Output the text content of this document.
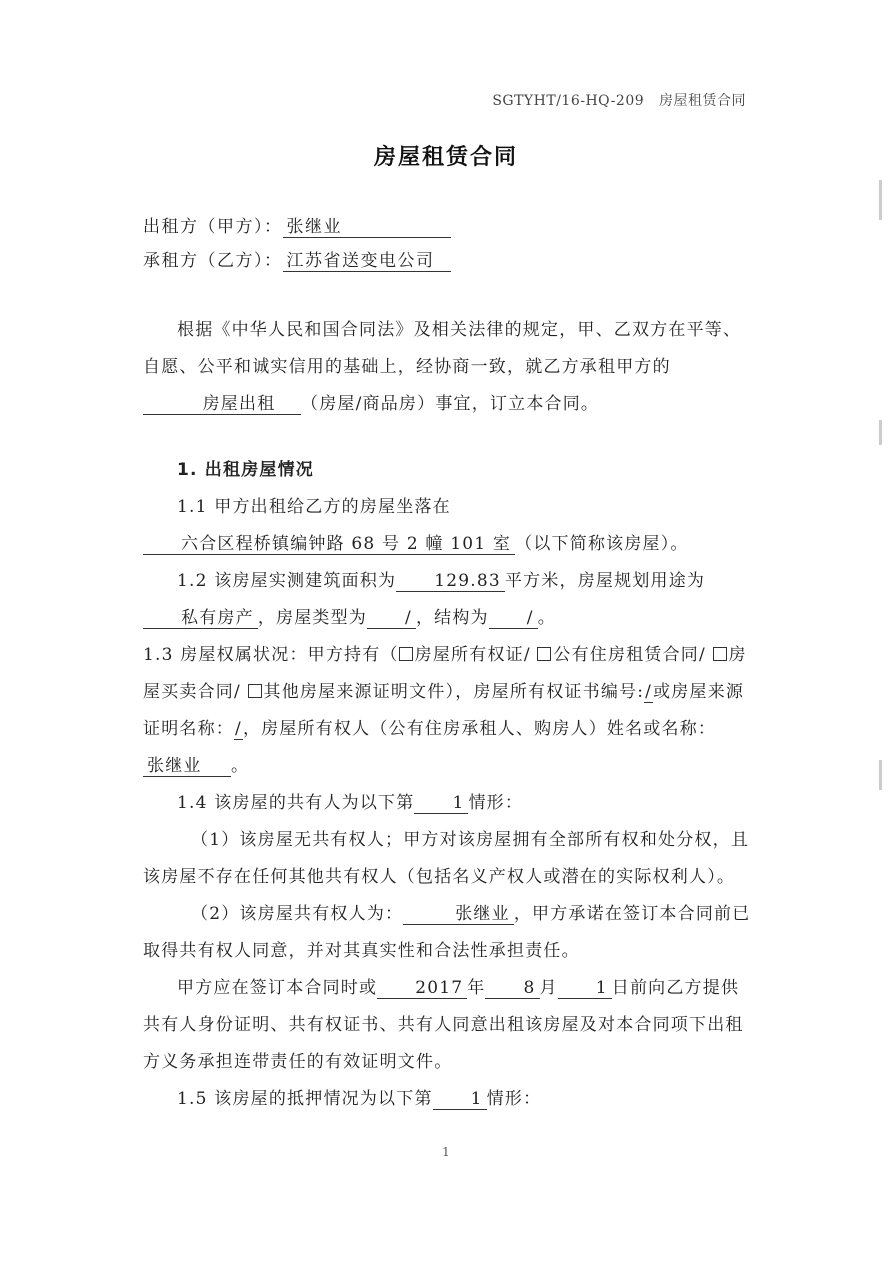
SGTYHT/16-HQ-209 房屋租赁合同
房屋租赁合同
出租方（甲方）： 张继业
承租方（乙方）： 江苏省送变电公司

根据《中华人民和国合同法》及相关法律的规定，甲、乙双方在平等、自愿、公平和诚实信用的基础上，经协商一致，就乙方承租甲方的房屋出租 （房屋/商品房）事宜，订立本合同。

1. 出租房屋情况

1.1 甲方出租给乙方的房屋坐落在六合区程桥镇编钟路 68 号 2 幢 101 室 （以下简称该房屋）。

1.2 该房屋实测建筑面积为 129.83 平方米，房屋规划用途为私有房产 ，房屋类型为 / ，结构为 / 。

1.3 房屋权属状况：甲方持有（ 房屋所有权证/ 公有住房租赁合同/ 房屋买卖合同/ 其他房屋来源证明文件），房屋所有权证书编号:/或房屋来源证明名称：/，房屋所有权人（公有住房承租人、购房人）姓名或名称：张继业 。

1.4 该房屋的共有人为以下第 1 情形：

（1）该房屋无共有权人；甲方对该房屋拥有全部所有权和处分权，且该房屋不存在任何其他共有权人（包括名义产权人或潜在的实际权利人）。

（2）该房屋共有权人为：	张继业 ，甲方承诺在签订本合同前已取得共有权人同意，并对其真实性和合法性承担责任。

甲方应在签订本合同时或 2017 年 8 月 1 日前向乙方提供共有人身份证明、共有权证书、共有人同意出租该房屋及对本合同项下出租方义务承担连带责任的有效证明文件。

1.5 该房屋的抵押情况为以下第 1 情形：

1
